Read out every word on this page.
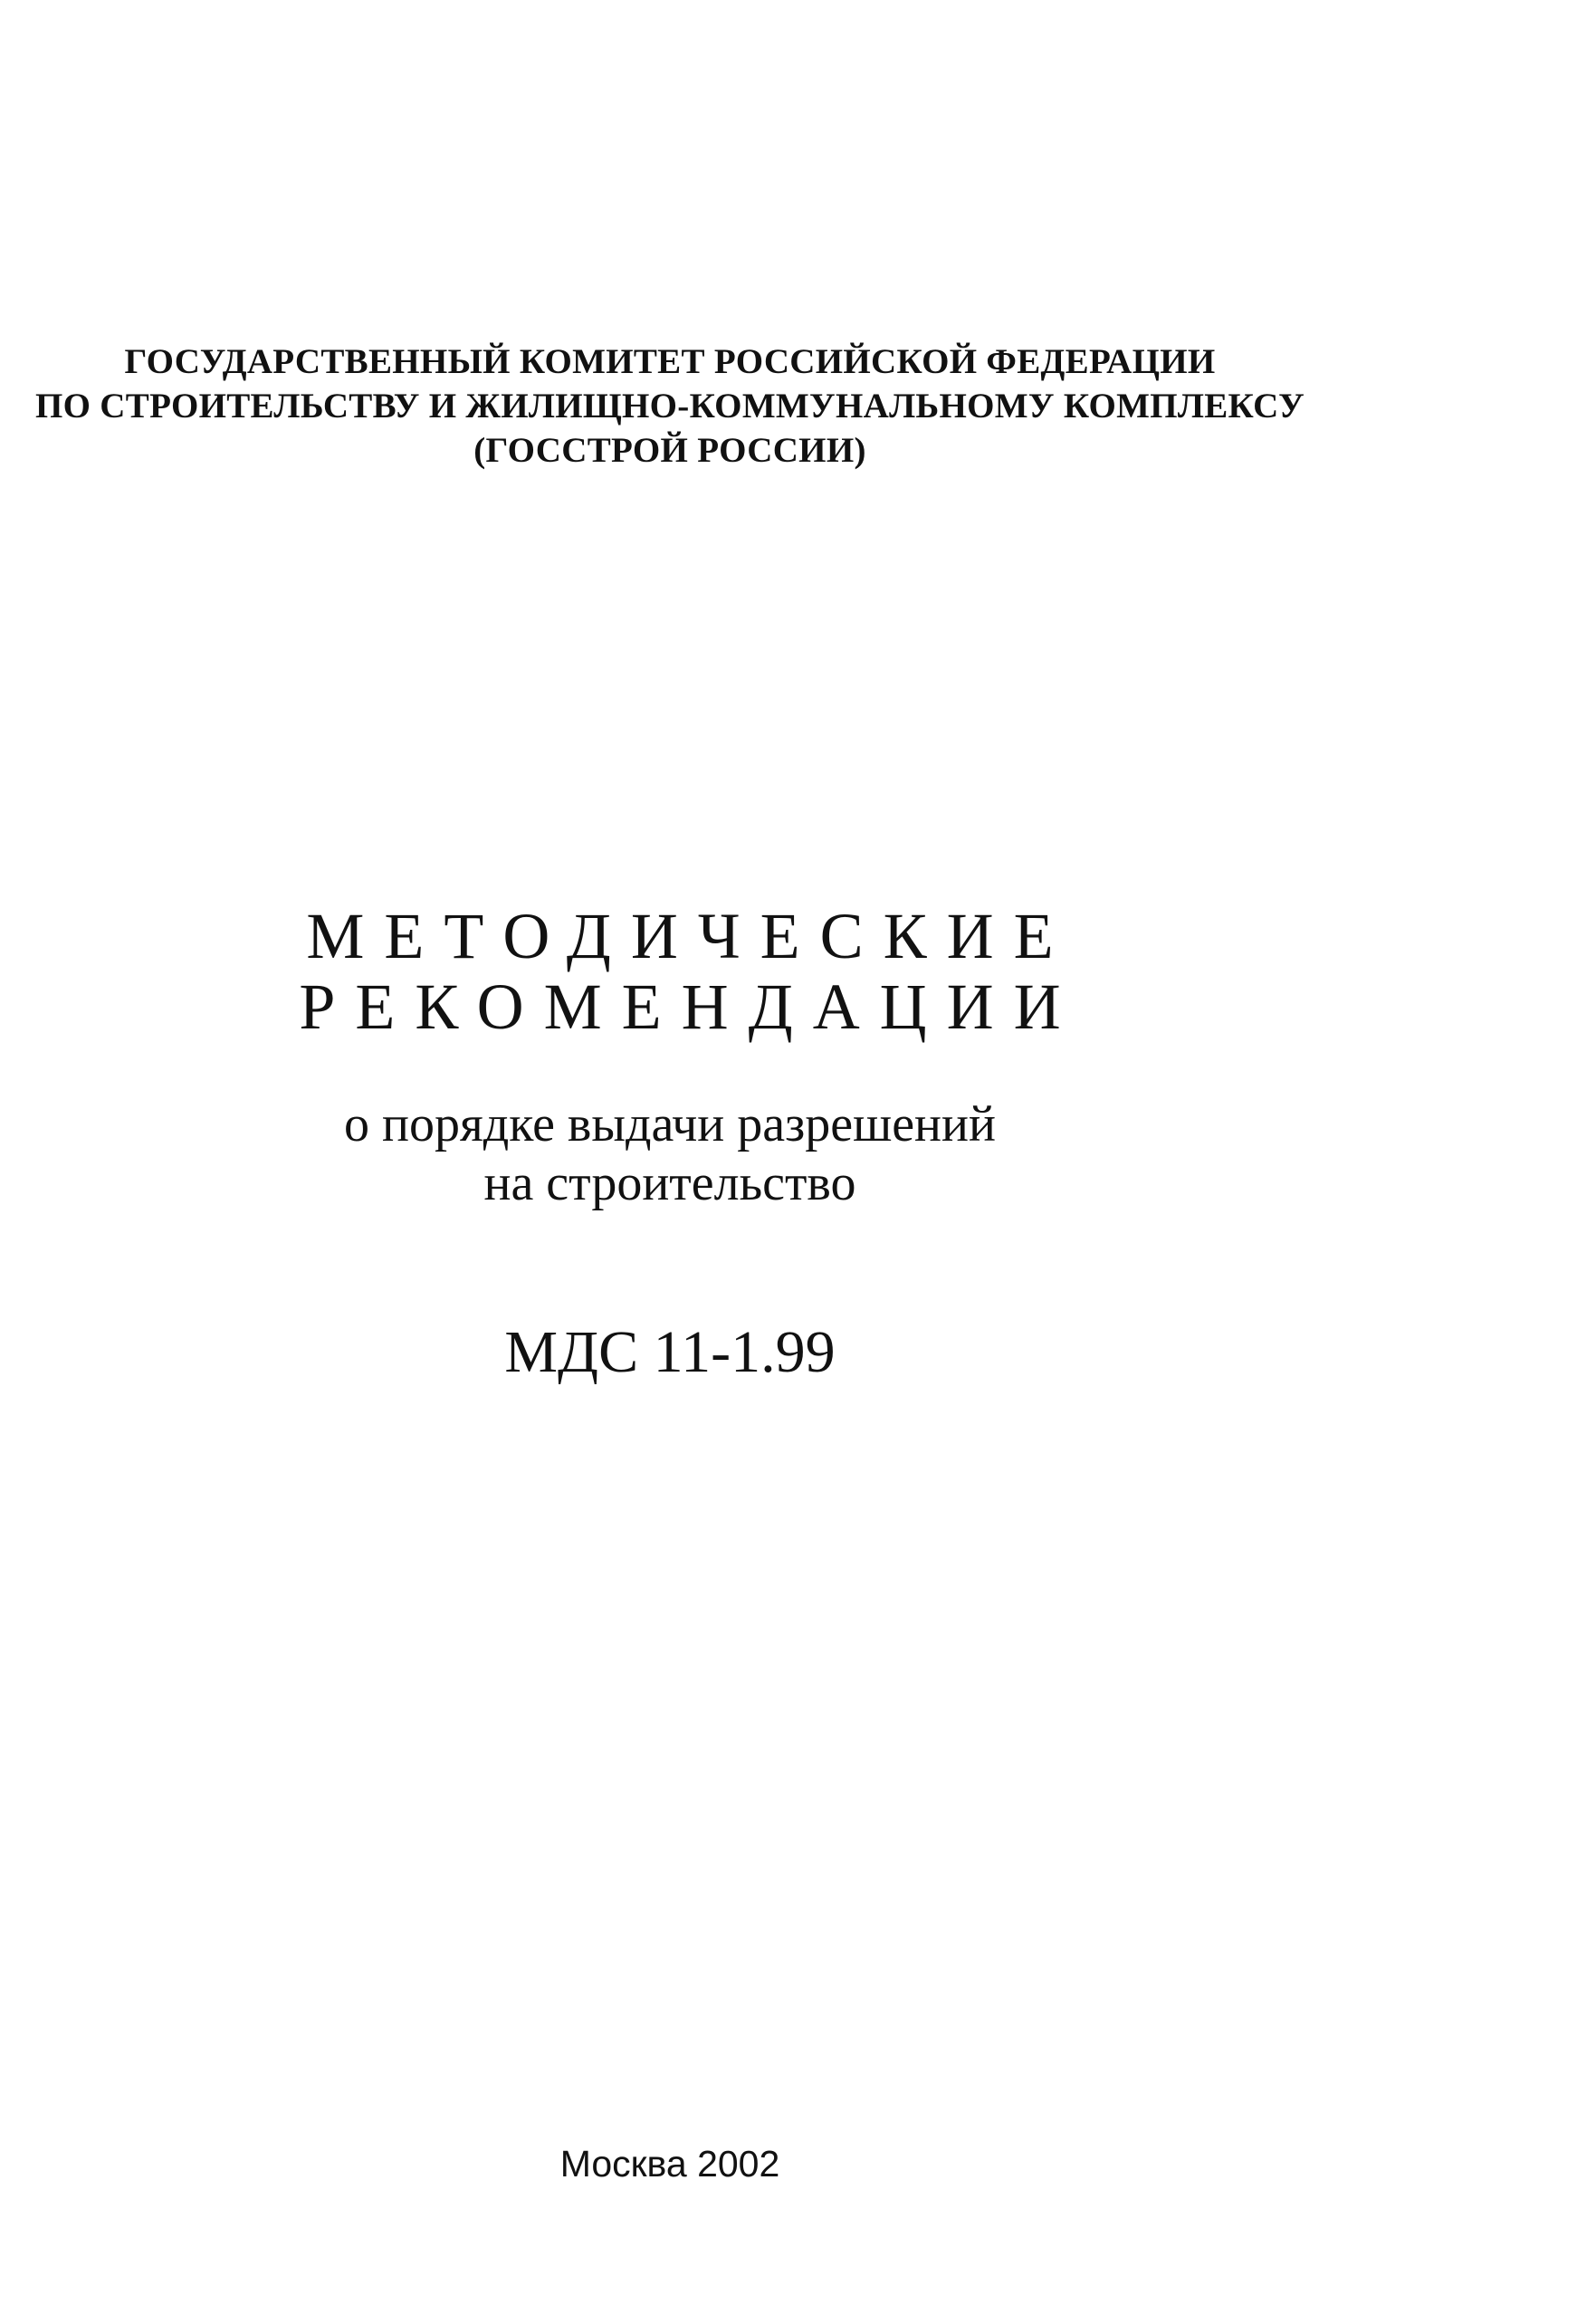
ГОСУДАРСТВЕННЫЙ КОМИТЕТ РОССИЙСКОЙ ФЕДЕРАЦИИ
ПО СТРОИТЕЛЬСТВУ И ЖИЛИЩНО-КОММУНАЛЬНОМУ КОМПЛЕКСУ
(ГОССТРОЙ РОССИИ)
МЕТОДИЧЕСКИЕ
РЕКОМЕНДАЦИИ
о порядке выдачи разрешений
на строительство
МДС 11-1.99
Москва 2002
